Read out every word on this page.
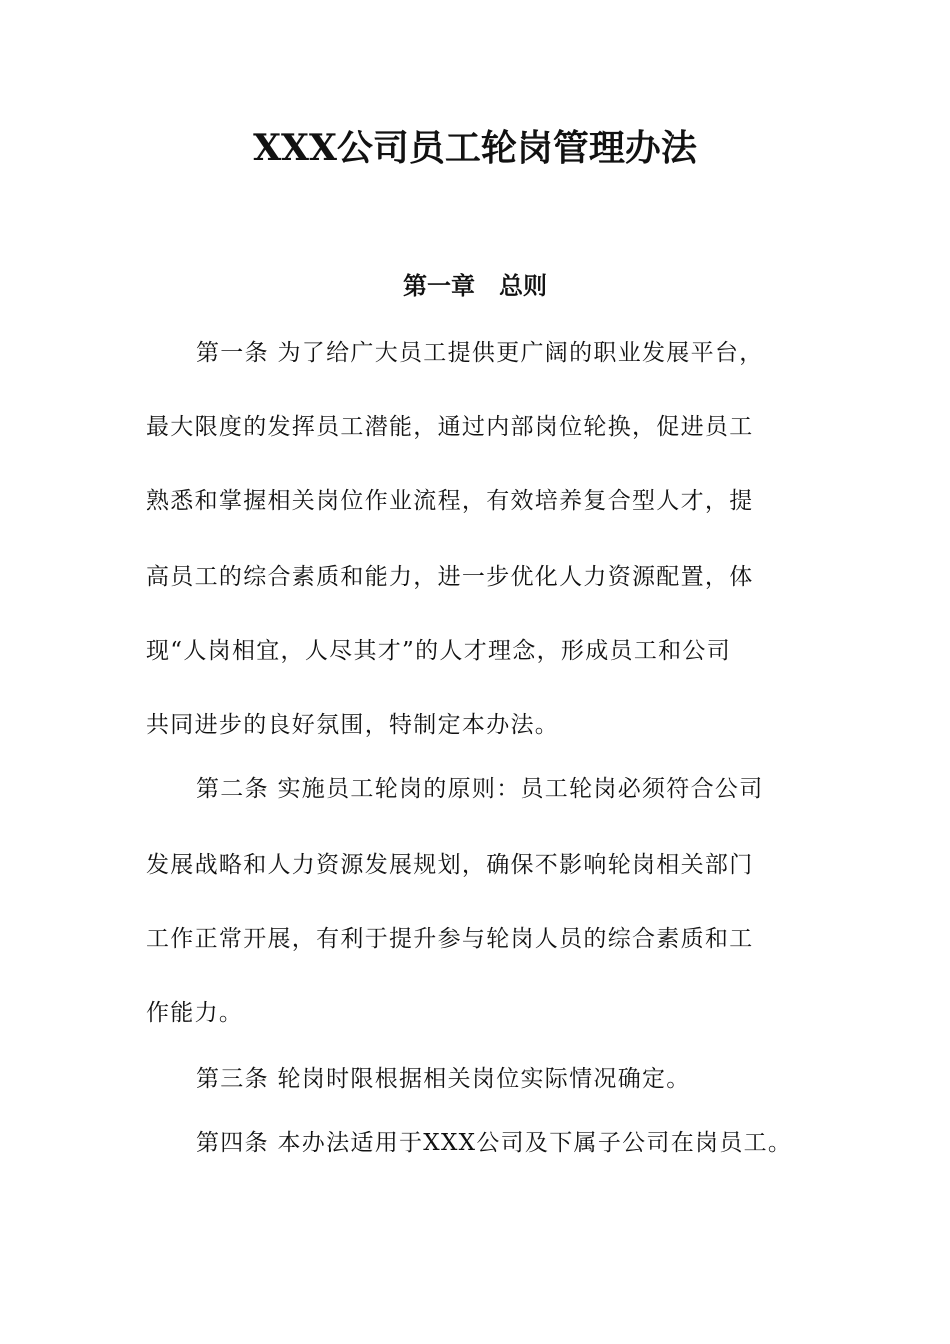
XXX公司员工轮岗管理办法
第一章　总则
第一条 为了给广大员工提供更广阔的职业发展平台，
最大限度的发挥员工潜能，通过内部岗位轮换，促进员工
熟悉和掌握相关岗位作业流程，有效培养复合型人才，提
高员工的综合素质和能力，进一步优化人力资源配置，体
现“人岗相宜，人尽其才”的人才理念，形成员工和公司
共同进步的良好氛围，特制定本办法。
第二条 实施员工轮岗的原则：员工轮岗必须符合公司
发展战略和人力资源发展规划，确保不影响轮岗相关部门
工作正常开展，有利于提升参与轮岗人员的综合素质和工
作能力。
第三条 轮岗时限根据相关岗位实际情况确定。
第四条 本办法适用于XXX公司及下属子公司在岗员工。
